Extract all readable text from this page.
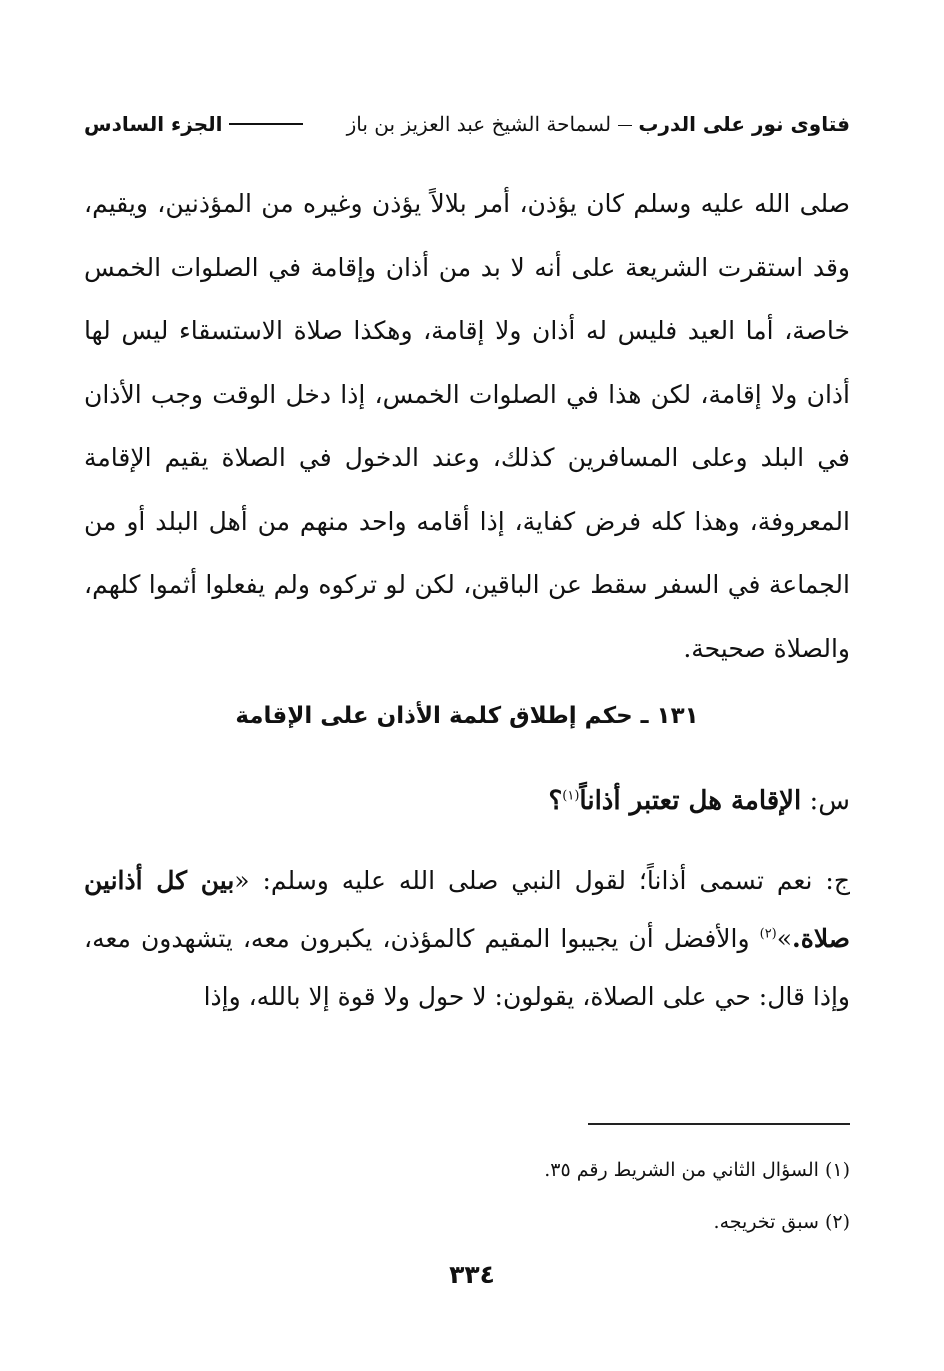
فتاوى نور على الدرب  لسماحة الشيخ عبد العزيز بن باز
الجزء السادس

صلى الله عليه وسلم كان يؤذن، أمر بلالاً يؤذن وغيره من المؤذنين، ويقيم، وقد استقرت الشريعة على أنه لا بد من أذان وإقامة في الصلوات الخمس خاصة، أما العيد فليس له أذان ولا إقامة، وهكذا صلاة الاستسقاء ليس لها أذان ولا إقامة، لكن هذا في الصلوات الخمس، إذا دخل الوقت وجب الأذان في البلد وعلى المسافرين كذلك، وعند الدخول في الصلاة يقيم الإقامة المعروفة، وهذا كله فرض كفاية، إذا أقامه واحد منهم من أهل البلد أو من الجماعة في السفر سقط عن الباقين، لكن لو تركوه ولم يفعلوا أثموا كلهم، والصلاة صحيحة.

١٣١ ـ حكم إطلاق كلمة الأذان على الإقامة
س: الإقامة هل تعتبر أذاناً$^{(١)}$؟
ج: نعم تسمى أذاناً؛ لقول النبي صلى الله عليه وسلم: «بين كل أذانين صلاة.»$^{(٢)}$ والأفضل أن يجيبوا المقيم كالمؤذن، يكبرون معه، يتشهدون معه، وإذا قال: حي على الصلاة، يقولون: لا حول ولا قوة إلا بالله، وإذا

(١) السؤال الثاني من الشريط رقم ٣٥.

(٢) سبق تخريجه.

٣٣٤
